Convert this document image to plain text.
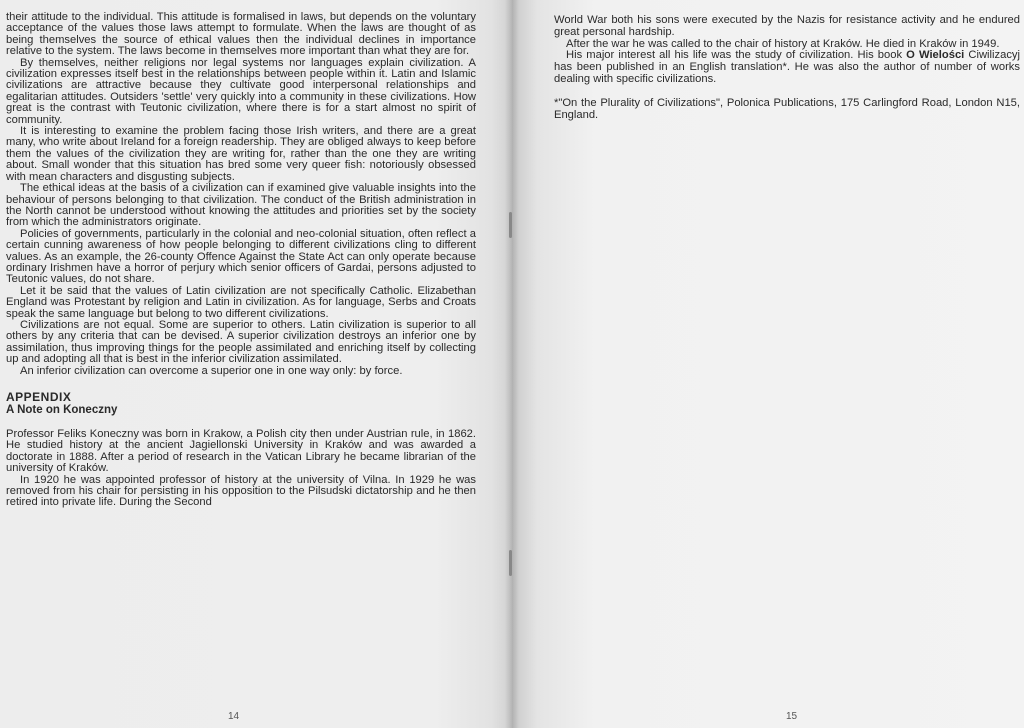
their attitude to the individual. This attitude is formalised in laws, but depends on the voluntary acceptance of the values those laws attempt to formulate. When the laws are thought of as being themselves the source of ethical values then the individual declines in importance relative to the system. The laws become in themselves more important than what they are for.

By themselves, neither religions nor legal systems nor languages explain civilization. A civilization expresses itself best in the relationships between people within it. Latin and Islamic civilizations are attractive because they cultivate good interpersonal relationships and egalitarian attitudes. Outsiders 'settle' very quickly into a community in these civilizations. How great is the contrast with Teutonic civilization, where there is for a start almost no spirit of community.

It is interesting to examine the problem facing those Irish writers, and there are a great many, who write about Ireland for a foreign readership. They are obliged always to keep before them the values of the civilization they are writing for, rather than the one they are writing about. Small wonder that this situation has bred some very queer fish: notoriously obsessed with mean characters and disgusting subjects.

The ethical ideas at the basis of a civilization can if examined give valuable insights into the behaviour of persons belonging to that civilization. The conduct of the British administration in the North cannot be understood without knowing the attitudes and priorities set by the society from which the administrators originate.

Policies of governments, particularly in the colonial and neo-colonial situation, often reflect a certain cunning awareness of how people belonging to different civilizations cling to different values. As an example, the 26-county Offence Against the State Act can only operate because ordinary Irishmen have a horror of perjury which senior officers of Gardai, persons adjusted to Teutonic values, do not share.

Let it be said that the values of Latin civilization are not specifically Catholic. Elizabethan England was Protestant by religion and Latin in civilization. As for language, Serbs and Croats speak the same language but belong to two different civilizations.

Civilizations are not equal. Some are superior to others. Latin civilization is superior to all others by any criteria that can be devised. A superior civilization destroys an inferior one by assimilation, thus improving things for the people assimilated and enriching itself by collecting up and adopting all that is best in the inferior civilization assimilated.

An inferior civilization can overcome a superior one in one way only: by force.

APPENDIX
A Note on Koneczny

Professor Feliks Koneczny was born in Krakow, a Polish city then under Austrian rule, in 1862. He studied history at the ancient Jagiellonski University in Kraków and was awarded a doctorate in 1888. After a period of research in the Vatican Library he became librarian of the university of Kraków.

In 1920 he was appointed professor of history at the university of Vilna. In 1929 he was removed from his chair for persisting in his opposition to the Pilsudski dictatorship and he then retired into private life. During the Second

14

World War both his sons were executed by the Nazis for resistance activity and he endured great personal hardship.

After the war he was called to the chair of history at Kraków. He died in Kraków in 1949.

His major interest all his life was the study of civilization. His book O Wielości Ciwilizacyj has been published in an English translation*. He was also the author of number of works dealing with specific civilizations.

*"On the Plurality of Civilizations", Polonica Publications, 175 Carlingford Road, London N15, England.

15
